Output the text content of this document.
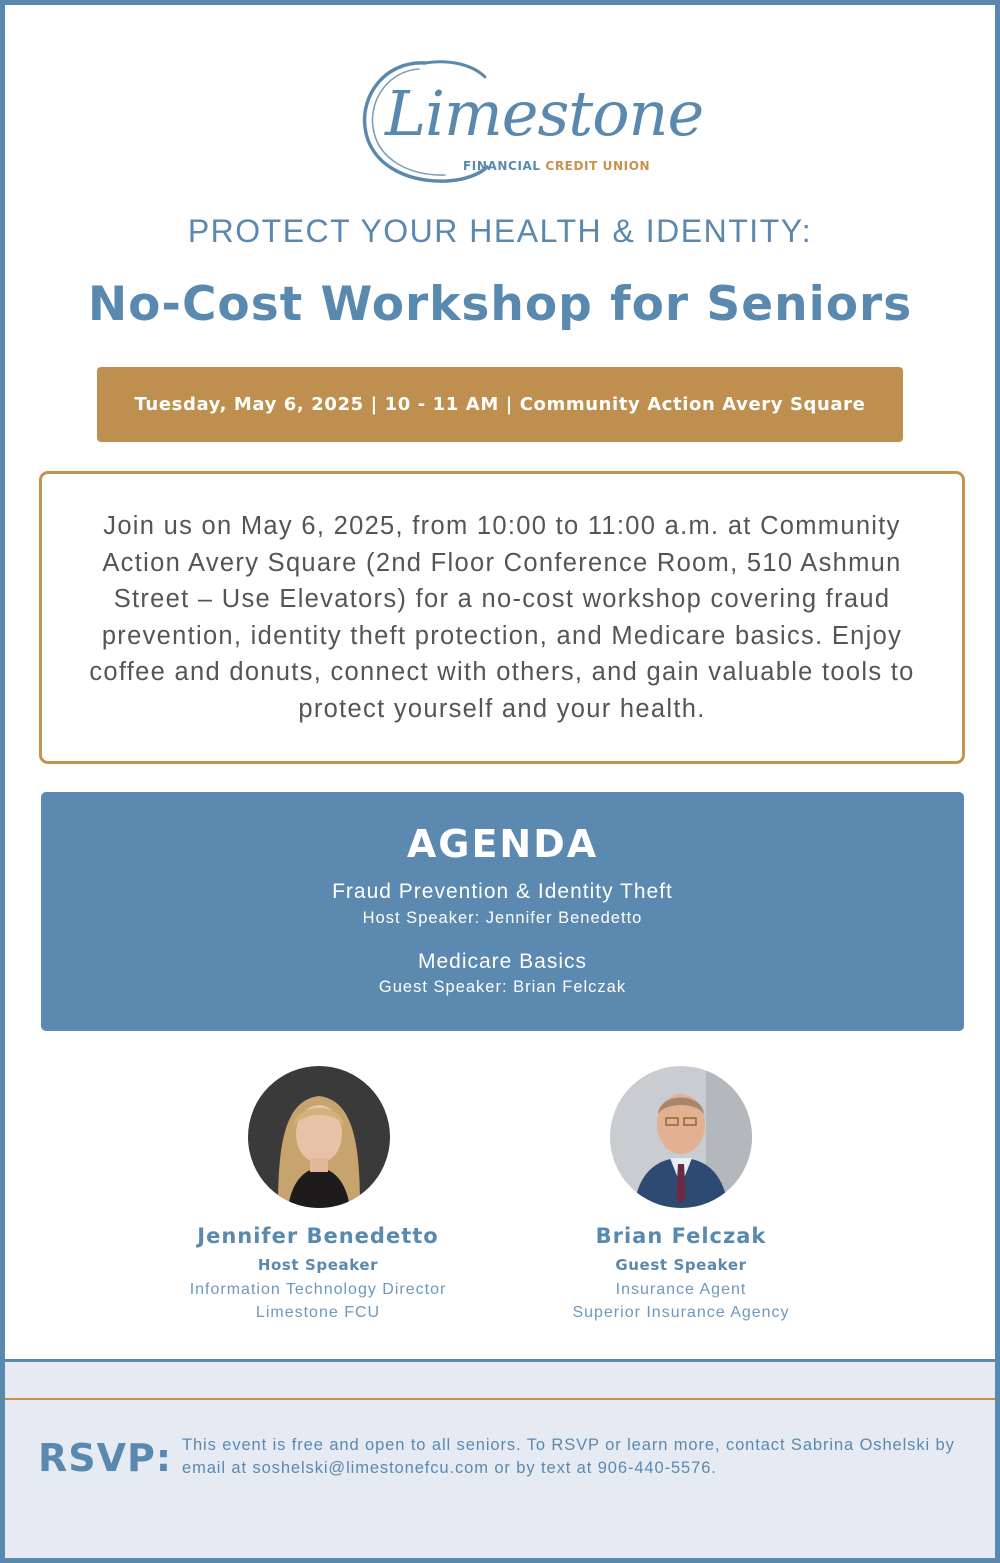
Limestone
FINANCIAL CREDIT UNION
PROTECT YOUR HEALTH & IDENTITY:
No-Cost Workshop for Seniors
Tuesday, May 6, 2025 | 10 - 11 AM | Community Action Avery Square

Join us on May 6, 2025, from 10:00 to 11:00 a.m. at Community Action Avery Square (2nd Floor Conference Room, 510 Ashmun Street – Use Elevators) for a no-cost workshop covering fraud prevention, identity theft protection, and Medicare basics. Enjoy coffee and donuts, connect with others, and gain valuable tools to protect yourself and your health.

AGENDA
Fraud Prevention & Identity Theft
Host Speaker: Jennifer Benedetto
Medicare Basics
Guest Speaker: Brian Felczak
Jennifer Benedetto
Host Speaker
Information Technology Director
Limestone FCU
Brian Felczak
Guest Speaker
Insurance Agent
Superior Insurance Agency
RSVP: This event is free and open to all seniors. To RSVP or learn more, contact Sabrina Oshelski by email at soshelski@limestonefcu.com or by text at 906-440-5576.
